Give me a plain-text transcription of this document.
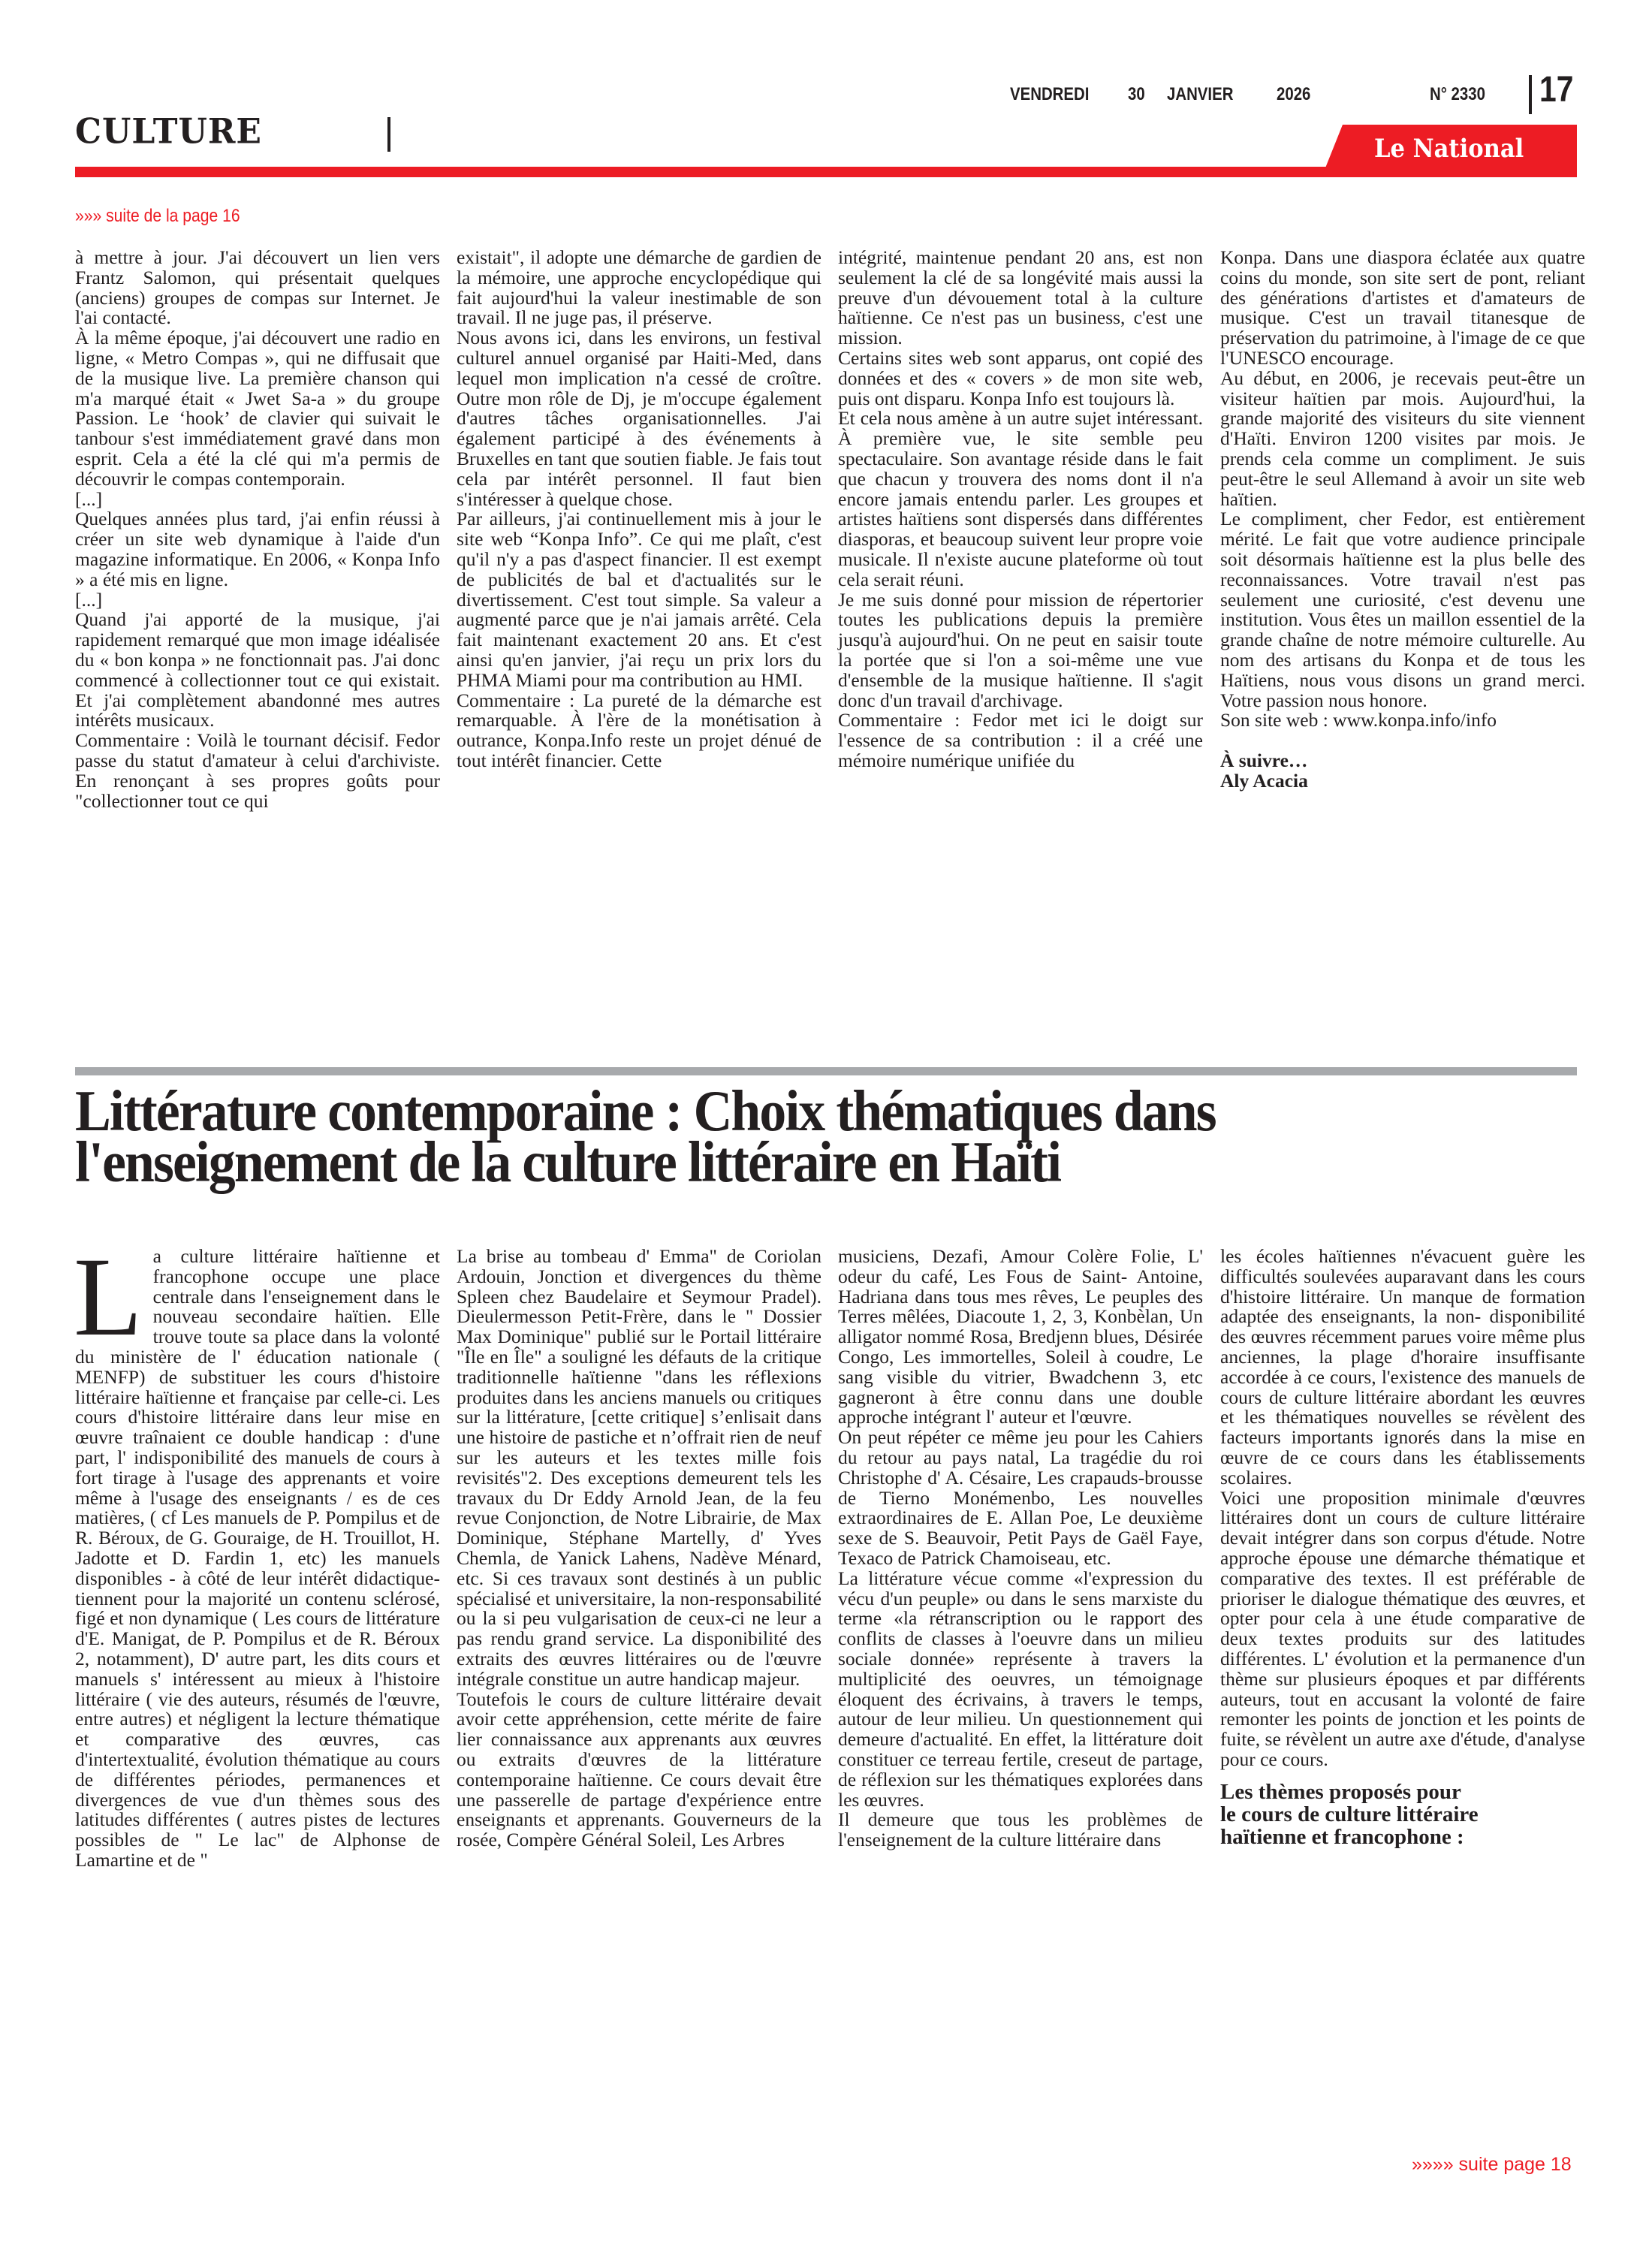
CULTURE
VENDREDI 30 JANVIER 2026	N° 2330 17
Le National
»»» suite de la page 16

à mettre à jour. J'ai découvert un lien vers Frantz Salomon, qui présentait quelques (anciens) groupes de compas sur Internet. Je l'ai contacté.

À la même époque, j'ai découvert une radio en ligne, « Metro Compas », qui ne diffusait que de la musique live. La première chanson qui m'a marqué était « Jwet Sa-a » du groupe Passion. Le ‘hook’ de clavier qui suivait le tanbour s'est immédiatement gravé dans mon esprit. Cela a été la clé qui m'a permis de découvrir le compas contemporain.

[...]

Quelques années plus tard, j'ai enfin réussi à créer un site web dynamique à l'aide d'un magazine informatique. En 2006, « Konpa Info » a été mis en ligne.

[...]

Quand j'ai apporté de la musique, j'ai rapidement remarqué que mon image idéalisée du « bon konpa » ne fonctionnait pas. J'ai donc commencé à collectionner tout ce qui existait. Et j'ai complètement abandonné mes autres intérêts musicaux.

Commentaire : Voilà le tournant décisif. Fedor passe du statut d'amateur à celui d'archiviste. En renonçant à ses propres goûts pour "collectionner tout ce qui

existait", il adopte une démarche de gardien de la mémoire, une approche encyclopédique qui fait aujourd'hui la valeur inestimable de son travail. Il ne juge pas, il préserve.

Nous avons ici, dans les environs, un festival culturel annuel organisé par Haiti-Med, dans lequel mon implication n'a cessé de croître. Outre mon rôle de Dj, je m'occupe également d'autres tâches organisationnelles. J'ai également participé à des événements à Bruxelles en tant que soutien fiable. Je fais tout cela par intérêt personnel. Il faut bien s'intéresser à quelque chose.

Par ailleurs, j'ai continuellement mis à jour le site web “Konpa Info”. Ce qui me plaît, c'est qu'il n'y a pas d'aspect financier. Il est exempt de publicités de bal et d'actualités sur le divertissement. C'est tout simple. Sa valeur a augmenté parce que je n'ai jamais arrêté. Cela fait maintenant exactement 20 ans. Et c'est ainsi qu'en janvier, j'ai reçu un prix lors du PHMA Miami pour ma contribution au HMI.

Commentaire : La pureté de la démarche est remarquable. À l'ère de la monétisation à outrance, Konpa.Info reste un projet dénué de tout intérêt financier. Cette

intégrité, maintenue pendant 20 ans, est non seulement la clé de sa longévité mais aussi la preuve d'un dévouement total à la culture haïtienne. Ce n'est pas un business, c'est une mission.

Certains sites web sont apparus, ont copié des données et des « covers » de mon site web, puis ont disparu. Konpa Info est toujours là.

Et cela nous amène à un autre sujet intéressant. À première vue, le site semble peu spectaculaire. Son avantage réside dans le fait que chacun y trouvera des noms dont il n'a encore jamais entendu parler. Les groupes et artistes haïtiens sont dispersés dans différentes diasporas, et beaucoup suivent leur propre voie musicale. Il n'existe aucune plateforme où tout cela serait réuni.

Je me suis donné pour mission de répertorier toutes les publications depuis la première jusqu'à aujourd'hui. On ne peut en saisir toute la portée que si l'on a soi-même une vue d'ensemble de la musique haïtienne. Il s'agit donc d'un travail d'archivage.

Commentaire : Fedor met ici le doigt sur l'essence de sa contribution : il a créé une mémoire numérique unifiée du

Konpa. Dans une diaspora éclatée aux quatre coins du monde, son site sert de pont, reliant des générations d'artistes et d'amateurs de musique. C'est un travail titanesque de préservation du patrimoine, à l'image de ce que l'UNESCO encourage.

Au début, en 2006, je recevais peut-être un visiteur haïtien par mois. Aujourd'hui, la grande majorité des visiteurs du site viennent d'Haïti. Environ 1200 visites par mois. Je prends cela comme un compliment. Je suis peut-être le seul Allemand à avoir un site web haïtien.

Le compliment, cher Fedor, est entièrement mérité. Le fait que votre audience principale soit désormais haïtienne est la plus belle des reconnaissances. Votre travail n'est pas seulement une curiosité, c'est devenu une institution. Vous êtes un maillon essentiel de la grande chaîne de notre mémoire culturelle. Au nom des artisans du Konpa et de tous les Haïtiens, nous vous disons un grand merci. Votre passion nous honore.

Son site web : www.konpa.info/info

À suivre…

Aly Acacia

Littérature contemporaine : Choix thématiques dans
l'enseignement de la culture littéraire en Haïti

La culture littéraire haïtienne et francophone occupe une place centrale dans l'enseignement dans le nouveau secondaire haïtien. Elle trouve toute sa place dans la volonté du ministère de l' éducation nationale ( MENFP) de substituer les cours d'histoire littéraire haïtienne et française par celle-ci. Les cours d'histoire littéraire dans leur mise en œuvre traînaient ce double handicap : d'une part, l' indisponibilité des manuels de cours à fort tirage à l'usage des apprenants et voire même à l'usage des enseignants / es de ces matières, ( cf Les manuels de P. Pompilus et de R. Béroux, de G. Gouraige, de H. Trouillot, H. Jadotte et D. Fardin 1, etc) les manuels disponibles - à côté de leur intérêt didactique- tiennent pour la majorité un contenu sclérosé, figé et non dynamique ( Les cours de littérature d'E. Manigat, de P. Pompilus et de R. Béroux 2, notamment), D' autre part, les dits cours et manuels s' intéressent au mieux à l'histoire littéraire ( vie des auteurs, résumés de l'œuvre, entre autres) et négligent la lecture thématique et comparative des œuvres, cas d'intertextualité, évolution thématique au cours de différentes périodes, permanences et divergences de vue d'un thèmes sous des latitudes différentes ( autres pistes de lectures possibles de " Le lac" de Alphonse de Lamartine et de "

La brise au tombeau d' Emma" de Coriolan Ardouin, Jonction et divergences du thème Spleen chez Baudelaire et Seymour Pradel). Dieulermesson Petit-Frère, dans le " Dossier Max Dominique" publié sur le Portail littéraire "Île en Île" a souligné les défauts de la critique traditionnelle haïtienne "dans les réflexions produites dans les anciens manuels ou critiques sur la littérature, [cette critique] s’enlisait dans une histoire de pastiche et n’offrait rien de neuf sur les auteurs et les textes mille fois revisités"2. Des exceptions demeurent tels les travaux du Dr Eddy Arnold Jean, de la feu revue Conjonction, de Notre Librairie, de Max Dominique, Stéphane Martelly, d' Yves Chemla, de Yanick Lahens, Nadève Ménard, etc. Si ces travaux sont destinés à un public spécialisé et universitaire, la non-responsabilité ou la si peu vulgarisation de ceux-ci ne leur a pas rendu grand service. La disponibilité des extraits des œuvres littéraires ou de l'œuvre intégrale constitue un autre handicap majeur.

Toutefois le cours de culture littéraire devait avoir cette appréhension, cette mérite de faire lier connaissance aux apprenants aux œuvres ou extraits d'œuvres de la littérature contemporaine haïtienne. Ce cours devait être une passerelle de partage d'expérience entre enseignants et apprenants. Gouverneurs de la rosée, Compère Général Soleil, Les Arbres

musiciens, Dezafi, Amour Colère Folie, L' odeur du café, Les Fous de Saint- Antoine, Hadriana dans tous mes rêves, Le peuples des Terres mêlées, Diacoute 1, 2, 3, Konbèlan, Un alligator nommé Rosa, Bredjenn blues, Désirée Congo, Les immortelles, Soleil à coudre, Le sang visible du vitrier, Bwadchenn 3, etc gagneront à être connu dans une double approche intégrant l' auteur et l'œuvre.

On peut répéter ce même jeu pour les Cahiers du retour au pays natal, La tragédie du roi Christophe d' A. Césaire, Les crapauds-brousse de Tierno Monémenbo, Les nouvelles extraordinaires de E. Allan Poe, Le deuxième sexe de S. Beauvoir, Petit Pays de Gaël Faye, Texaco de Patrick Chamoiseau, etc.

La littérature vécue comme «l'expression du vécu d'un peuple» ou dans le sens marxiste du terme «la rétranscription ou le rapport des conflits de classes à l'oeuvre dans un milieu sociale donnée» représente à travers la multiplicité des oeuvres, un témoignage éloquent des écrivains, à travers le temps, autour de leur milieu. Un questionnement qui demeure d'actualité. En effet, la littérature doit constituer ce terreau fertile, creseut de partage, de réflexion sur les thématiques explorées dans les œuvres.

Il demeure que tous les problèmes de l'enseignement de la culture littéraire dans

les écoles haïtiennes n'évacuent guère les difficultés soulevées auparavant dans les cours d'histoire littéraire. Un manque de formation adaptée des enseignants, la non- disponibilité des œuvres récemment parues voire même plus anciennes, la plage d'horaire insuffisante accordée à ce cours, l'existence des manuels de cours de culture littéraire abordant les œuvres et les thématiques nouvelles se révèlent des facteurs importants ignorés dans la mise en œuvre de ce cours dans les établissements scolaires.

Voici une proposition minimale d'œuvres littéraires dont un cours de culture littéraire devait intégrer dans son corpus d'étude. Notre approche épouse une démarche thématique et comparative des textes. Il est préférable de prioriser le dialogue thématique des œuvres, et opter pour cela à une étude comparative de deux textes produits sur des latitudes différentes. L' évolution et la permanence d'un thème sur plusieurs époques et par différents auteurs, tout en accusant la volonté de faire remonter les points de jonction et les points de fuite, se révèlent un autre axe d'étude, d'analyse pour ce cours.

Les thèmes proposés pour
le cours de culture littéraire
haïtienne et francophone :
»»»» suite page 18
